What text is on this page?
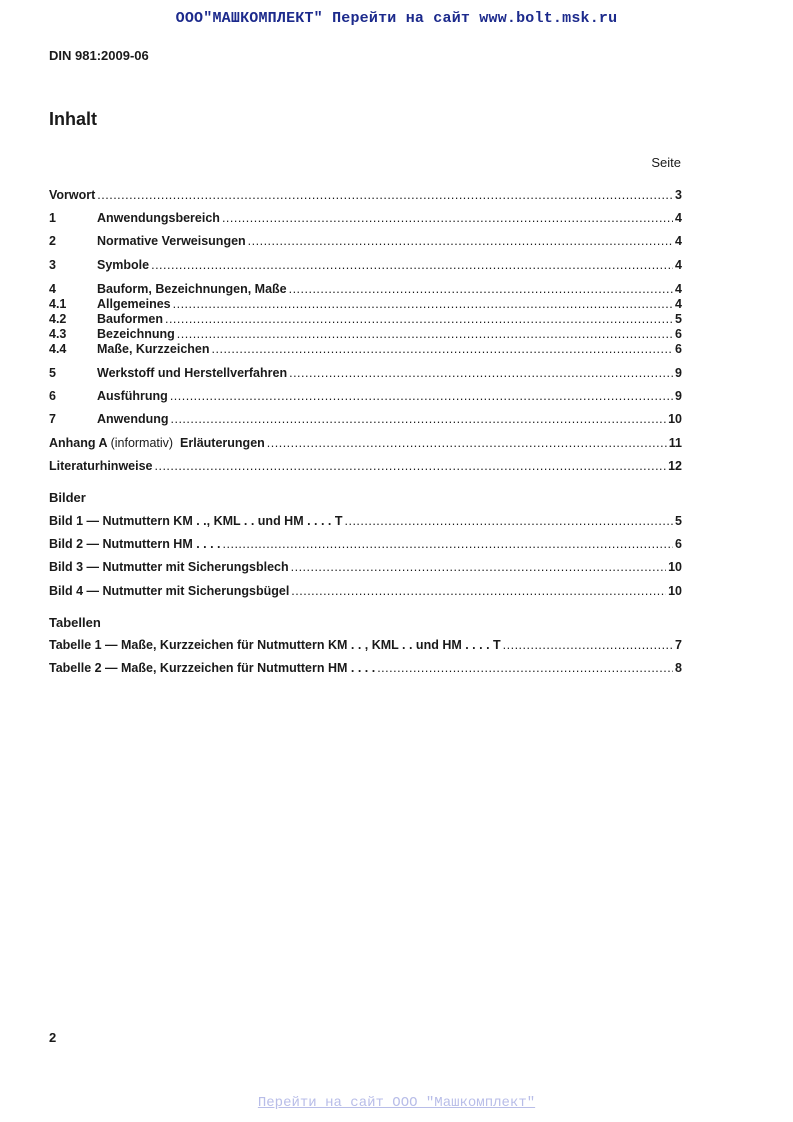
ООО"МАШКОМПЛЕКТ" Перейти на сайт www.bolt.msk.ru
DIN 981:2009-06
Inhalt
Seite
Vorwort .....	3
1	Anwendungsbereich .....	4
2	Normative Verweisungen .....	4
3	Symbole .....	4
4	Bauform, Bezeichnungen, Maße .....	4
4.1	Allgemeines .....	4
4.2	Bauformen .....	5
4.3	Bezeichnung .....	6
4.4	Maße, Kurzzeichen .....	6
5	Werkstoff und Herstellverfahren .....	9
6	Ausführung .....	9
7	Anwendung .....	10
Anhang A (informativ) Erläuterungen .....	11
Literaturhinweise .....	12
Bilder
Bild 1 — Nutmuttern KM . ., KML . . und HM . . . . T .....	5
Bild 2 — Nutmuttern HM . . . . .....	6
Bild 3 — Nutmutter mit Sicherungsblech .....	10
Bild 4 — Nutmutter mit Sicherungsbügel .....	10
Tabellen
Tabelle 1 — Maße, Kurzzeichen für Nutmuttern KM . . , KML . . und HM . . . . T .....	7
Tabelle 2 — Maße, Kurzzeichen für Nutmuttern HM . . . . .....	8
2
Перейти на сайт ООО "Машкомплект"
